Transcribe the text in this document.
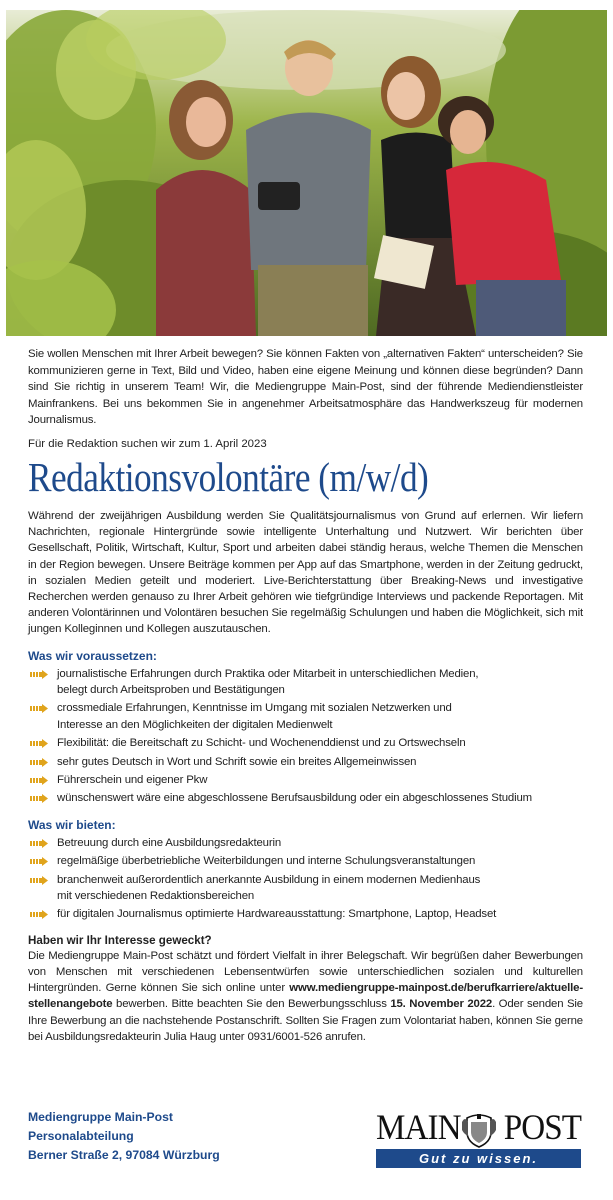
Sie wollen Menschen mit Ihrer Arbeit bewegen? Sie können Fakten von „alternativen Fakten“ unterscheiden? Sie kommunizieren gerne in Text, Bild und Video, haben eine eigene Meinung und können diese begründen? Dann sind Sie richtig in unserem Team! Wir, die Mediengruppe Main-Post, sind der führende Mediendienstleister Mainfrankens. Bei uns bekommen Sie in angenehmer Arbeitsatmosphäre das Handwerkszeug für modernen Journalismus.

Für die Redaktion suchen wir zum 1. April 2023

Redaktionsvolontäre (m/w/d)

Während der zweijährigen Ausbildung werden Sie Qualitätsjournalismus von Grund auf erlernen. Wir liefern Nachrichten, regionale Hintergründe sowie intelligente Unterhaltung und Nutzwert. Wir berichten über Gesellschaft, Politik, Wirtschaft, Kultur, Sport und arbeiten dabei ständig heraus, welche Themen die Menschen in der Region bewegen. Unsere Beiträge kommen per App auf das Smartphone, werden in der Zeitung gedruckt, in sozialen Medien geteilt und moderiert. Live-Berichterstattung über Breaking-News und investigative Recherchen werden genauso zu Ihrer Arbeit gehören wie tiefgründige Interviews und packende Reportagen. Mit anderen Volontärinnen und Volontären besuchen Sie regelmäßig Schulungen und haben die Möglichkeit, sich mit jungen Kolleginnen und Kollegen auszutauschen.

Was wir voraussetzen:
journalistische Erfahrungen durch Praktika oder Mitarbeit in unterschiedlichen Medien,
belegt durch Arbeitsproben und Bestätigungen
crossmediale Erfahrungen, Kenntnisse im Umgang mit sozialen Netzwerken und
Interesse an den Möglichkeiten der digitalen Medienwelt
Flexibilität: die Bereitschaft zu Schicht- und Wochenenddienst und zu Ortswechseln
sehr gutes Deutsch in Wort und Schrift sowie ein breites Allgemeinwissen
Führerschein und eigener Pkw
wünschenswert wäre eine abgeschlossene Berufsausbildung oder ein abgeschlossenes Studium
Was wir bieten:
Betreuung durch eine Ausbildungsredakteurin
regelmäßige überbetriebliche Weiterbildungen und interne Schulungsveranstaltungen
branchenweit außerordentlich anerkannte Ausbildung in einem modernen Medienhaus
mit verschiedenen Redaktionsbereichen
für digitalen Journalismus optimierte Hardwareausstattung: Smartphone, Laptop, Headset
Haben wir Ihr Interesse geweckt?

Die Mediengruppe Main-Post schätzt und fördert Vielfalt in ihrer Belegschaft. Wir begrüßen daher Bewerbungen von Menschen mit verschiedenen Lebensentwürfen sowie unterschiedlichen sozialen und kulturellen Hintergründen. Gerne können Sie sich online unter www.mediengruppe-mainpost.de/berufkarriere/aktuelle-stellenangebote bewerben. Bitte beachten Sie den Bewerbungsschluss 15. November 2022. Oder senden Sie Ihre Bewerbung an die nachstehende Postanschrift. Sollten Sie Fragen zum Volontariat haben, können Sie gerne bei Ausbildungsredakteurin Julia Haug unter 0931/6001-526 anrufen.

Mediengruppe Main-Post
Personalabteilung
Berner Straße 2, 97084 Würzburg
MAIN POST
Gut zu wissen.
